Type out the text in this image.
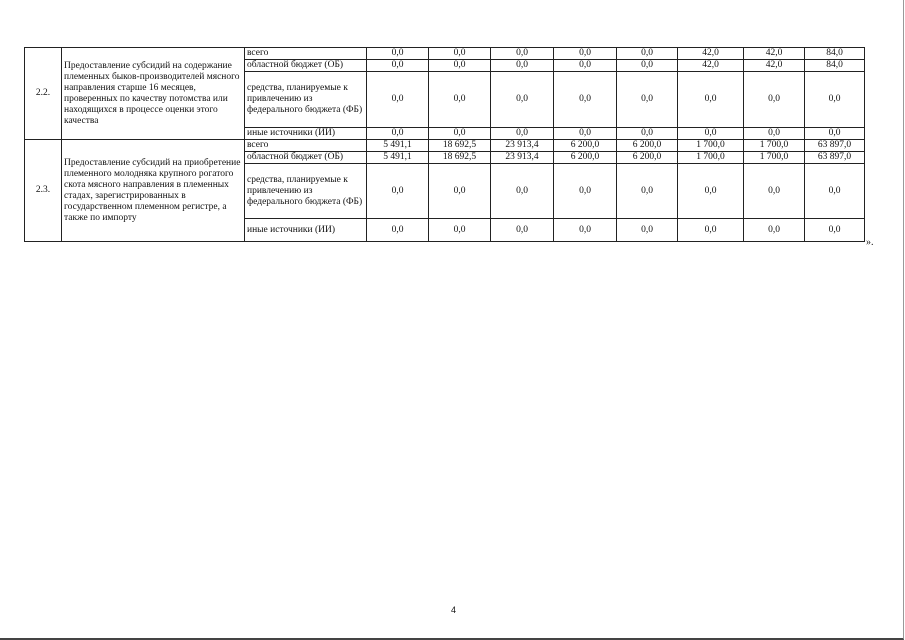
2.2.	Предоставление субсидий на содержание племенных быков-производителей мясного направления старше 16 месяцев, проверенных по качеству потомства или находящихся в процессе оценки этого качества	всего	0,0	0,0	0,0	0,0	0,0	42,0	42,0	84,0
		областной бюджет (ОБ)	0,0	0,0	0,0	0,0	0,0	42,0	42,0	84,0
		средства, планируемые к привлечению из федерального бюджета (ФБ)	0,0	0,0	0,0	0,0	0,0	0,0	0,0	0,0
		иные источники (ИИ)	0,0	0,0	0,0	0,0	0,0	0,0	0,0	0,0
2.3.	Предоставление субсидий на приобретение племенного молодняка крупного рогатого скота мясного направления в племенных стадах, зарегистрированных в государственном племенном регистре, а также по импорту	всего	5 491,1	18 692,5	23 913,4	6 200,0	6 200,0	1 700,0	1 700,0	63 897,0
		областной бюджет (ОБ)	5 491,1	18 692,5	23 913,4	6 200,0	6 200,0	1 700,0	1 700,0	63 897,0
		средства, планируемые к привлечению из федерального бюджета (ФБ)	0,0	0,0	0,0	0,0	0,0	0,0	0,0	0,0
		иные источники (ИИ)	0,0	0,0	0,0	0,0	0,0	0,0	0,0	0,0
».
4
